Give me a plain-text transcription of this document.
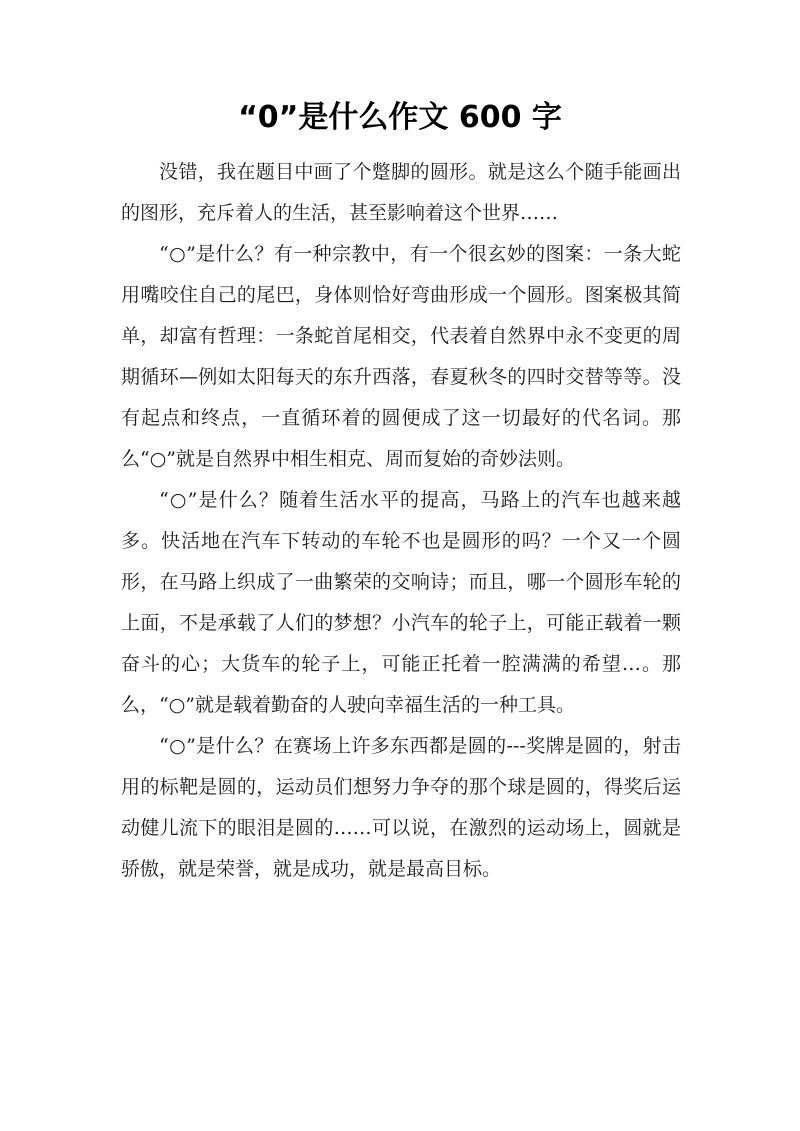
“0”是什么作文 600 字

没错，我在题目中画了个蹩脚的圆形。就是这么个随手能画出的图形，充斥着人的生活，甚至影响着这个世界……

“○”是什么？有一种宗教中，有一个很玄妙的图案：一条大蛇用嘴咬住自己的尾巴，身体则恰好弯曲形成一个圆形。图案极其简单，却富有哲理：一条蛇首尾相交，代表着自然界中永不变更的周期循环—例如太阳每天的东升西落，春夏秋冬的四时交替等等。没有起点和终点，一直循环着的圆便成了这一切最好的代名词。那么“○”就是自然界中相生相克、周而复始的奇妙法则。

“○”是什么？随着生活水平的提高，马路上的汽车也越来越多。快活地在汽车下转动的车轮不也是圆形的吗？一个又一个圆形，在马路上织成了一曲繁荣的交响诗；而且，哪一个圆形车轮的上面，不是承载了人们的梦想？小汽车的轮子上，可能正载着一颗奋斗的心；大货车的轮子上，可能正托着一腔满满的希望…。那么，“○”就是载着勤奋的人驶向幸福生活的一种工具。

“○”是什么？在赛场上许多东西都是圆的---奖牌是圆的，射击用的标靶是圆的，运动员们想努力争夺的那个球是圆的，得奖后运动健儿流下的眼泪是圆的……可以说，在激烈的运动场上，圆就是骄傲，就是荣誉，就是成功，就是最高目标。
